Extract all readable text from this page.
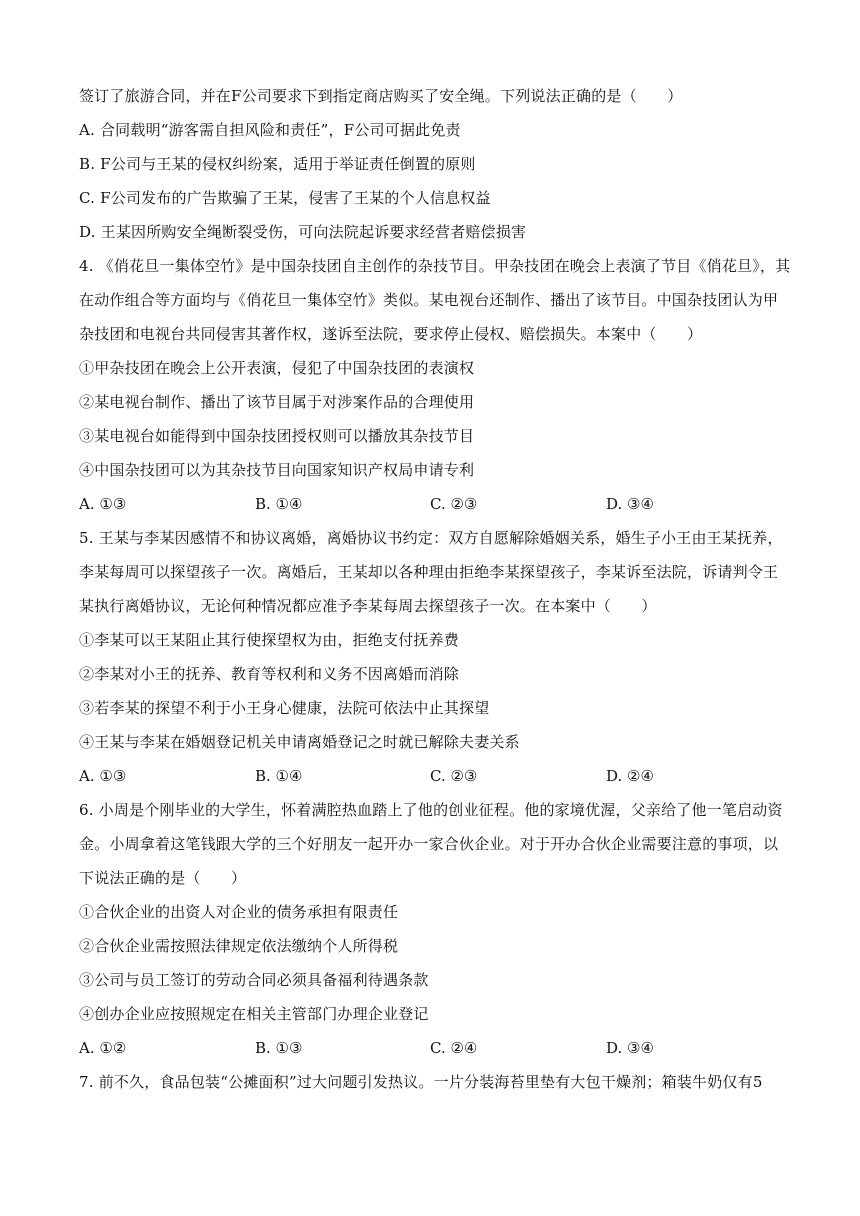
签订了旅游合同，并在F公司要求下到指定商店购买了安全绳。下列说法正确的是（　　）
A. 合同载明“游客需自担风险和责任”，F公司可据此免责
B. F公司与王某的侵权纠纷案，适用于举证责任倒置的原则
C. F公司发布的广告欺骗了王某，侵害了王某的个人信息权益
D. 王某因所购安全绳断裂受伤，可向法院起诉要求经营者赔偿损害
4. 《俏花旦一集体空竹》是中国杂技团自主创作的杂技节目。甲杂技团在晚会上表演了节目《俏花旦》，其
在动作组合等方面均与《俏花旦一集体空竹》类似。某电视台还制作、播出了该节目。中国杂技团认为甲
杂技团和电视台共同侵害其著作权，遂诉至法院，要求停止侵权、赔偿损失。本案中（　　）
①甲杂技团在晚会上公开表演，侵犯了中国杂技团的表演权
②某电视台制作、播出了该节目属于对涉案作品的合理使用
③某电视台如能得到中国杂技团授权则可以播放其杂技节目
④中国杂技团可以为其杂技节目向国家知识产权局申请专利
A. ①③	B. ①④	C. ②③	D. ③④
5. 王某与李某因感情不和协议离婚，离婚协议书约定：双方自愿解除婚姻关系，婚生子小王由王某抚养，
李某每周可以探望孩子一次。离婚后，王某却以各种理由拒绝李某探望孩子，李某诉至法院，诉请判令王
某执行离婚协议，无论何种情况都应准予李某每周去探望孩子一次。在本案中（　　）
①李某可以王某阻止其行使探望权为由，拒绝支付抚养费
②李某对小王的抚养、教育等权利和义务不因离婚而消除
③若李某的探望不利于小王身心健康，法院可依法中止其探望
④王某与李某在婚姻登记机关申请离婚登记之时就已解除夫妻关系
A. ①③	B. ①④	C. ②③	D. ②④
6. 小周是个刚毕业的大学生，怀着满腔热血踏上了他的创业征程。他的家境优渥，父亲给了他一笔启动资
金。小周拿着这笔钱跟大学的三个好朋友一起开办一家合伙企业。对于开办合伙企业需要注意的事项，以
下说法正确的是（　　）
①合伙企业的出资人对企业的债务承担有限责任
②合伙企业需按照法律规定依法缴纳个人所得税
③公司与员工签订的劳动合同必须具备福利待遇条款
④创办企业应按照规定在相关主管部门办理企业登记
A. ①②	B. ①③	C. ②④	D. ③④
7. 前不久，食品包装“公摊面积”过大问题引发热议。一片分装海苔里垫有大包干燥剂；箱装牛奶仅有5
